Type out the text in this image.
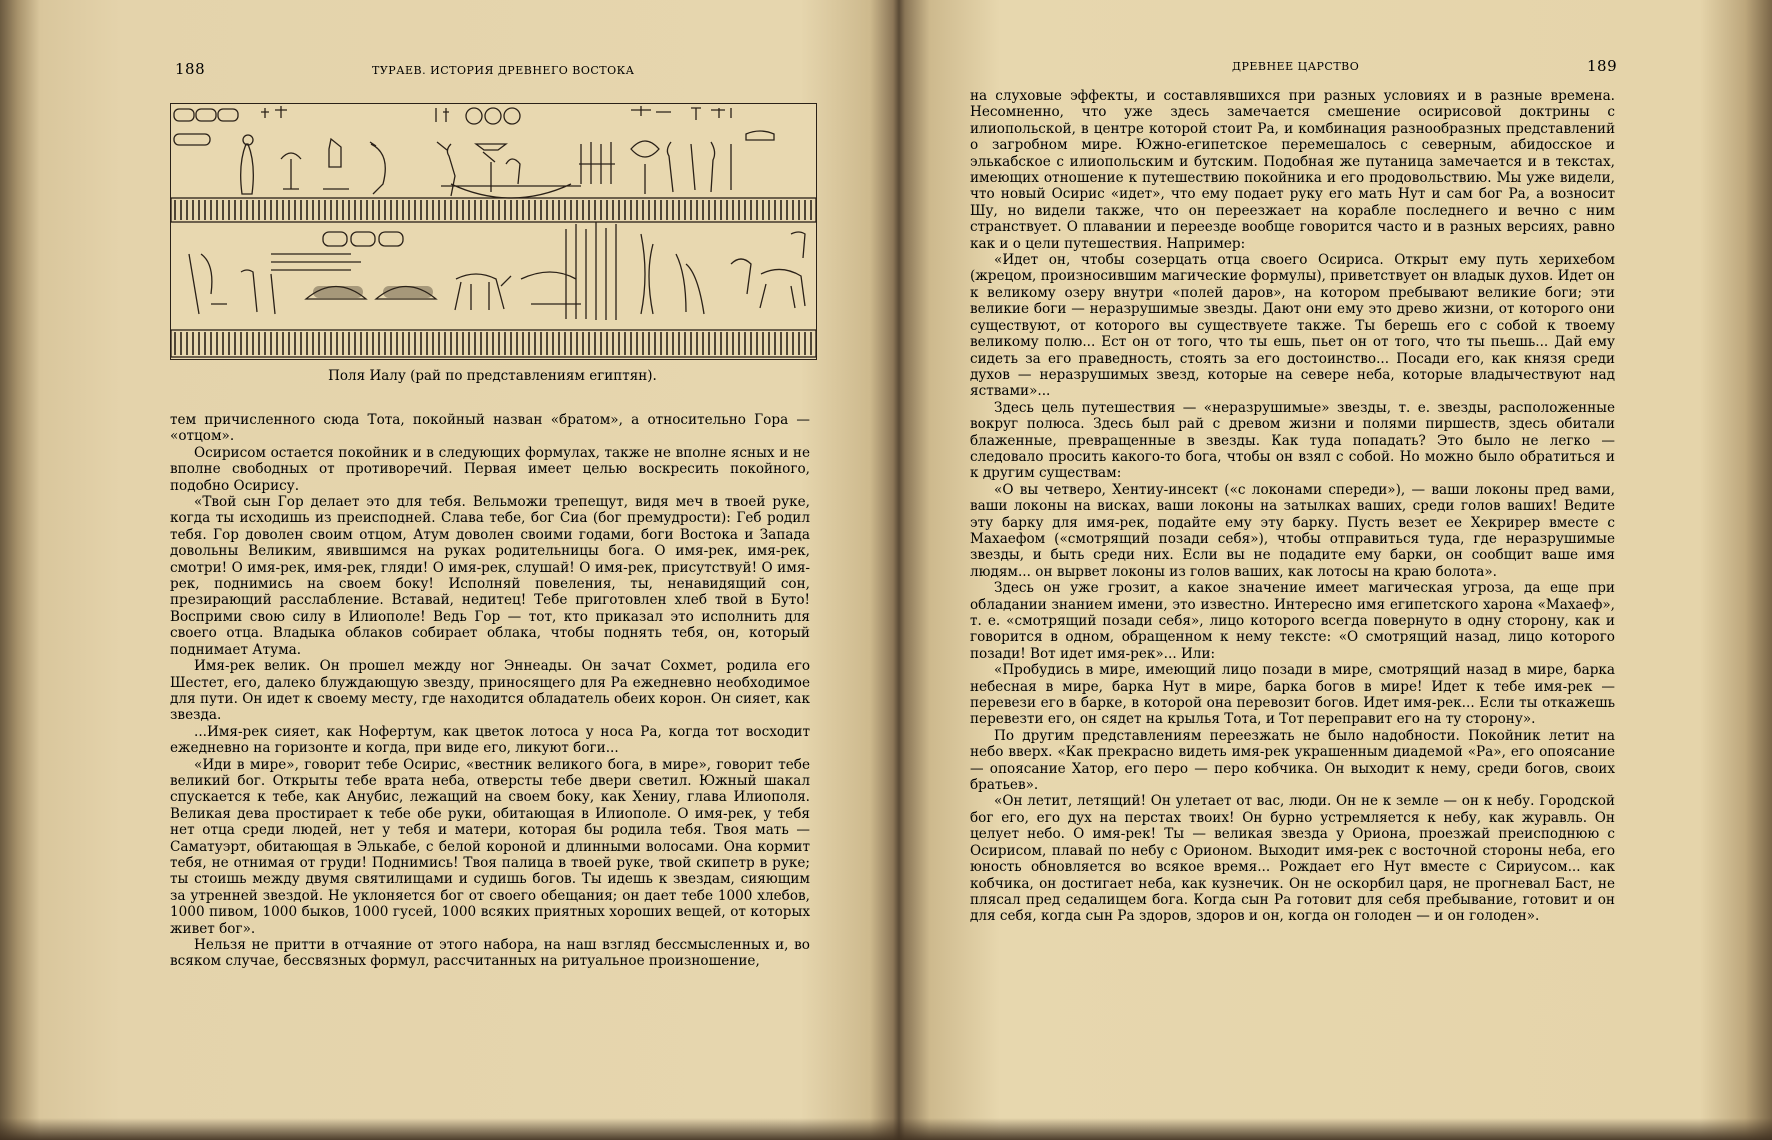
188	ТУРАЕВ. ИСТОРИЯ ДРЕВНЕГО ВОСТОКА
Поля Иалу (рай по представлениям египтян).

тем причисленного сюда Тота, покойный назван «братом», а относительно Гора — «отцом».

Осирисом остается покойник и в следующих формулах, также не вполне ясных и не вполне свободных от противоречий. Первая имеет целью воскресить покойного, подобно Осирису.

«Твой сын Гор делает это для тебя. Вельможи трепещут, видя меч в твоей руке, когда ты исходишь из преисподней. Слава тебе, бог Сиа (бог премудрости): Геб родил тебя. Гор доволен своим отцом, Атум доволен своими годами, боги Востока и Запада довольны Великим, явившимся на руках родительницы бога. О имя-рек, имя-рек, смотри! О имя-рек, имя-рек, гляди! О имя-рек, слушай! О имя-рек, присутствуй! О имя-рек, поднимись на своем боку! Исполняй повеления, ты, ненавидящий сон, презирающий расслабление. Вставай, недитец! Тебе приготовлен хлеб твой в Буто! Восприми свою силу в Илиополе! Ведь Гор — тот, кто приказал это исполнить для своего отца. Владыка облаков собирает облака, чтобы поднять тебя, он, который поднимает Атума.

Имя-рек велик. Он прошел между ног Эннеады. Он зачат Сохмет, родила его Шестет, его, далеко блуждающую звезду, приносящего для Ра ежедневно необходимое для пути. Он идет к своему месту, где находится обладатель обеих корон. Он сияет, как звезда.

...Имя-рек сияет, как Нофертум, как цветок лотоса у носа Ра, когда тот восходит ежедневно на горизонте и когда, при виде его, ликуют боги...

«Иди в мире», говорит тебе Осирис, «вестник великого бога, в мире», говорит тебе великий бог. Открыты тебе врата неба, отверсты тебе двери светил. Южный шакал спускается к тебе, как Анубис, лежащий на своем боку, как Хениу, глава Илиополя. Великая дева простирает к тебе обе руки, обитающая в Илиополе. О имя-рек, у тебя нет отца среди людей, нет у тебя и матери, которая бы родила тебя. Твоя мать — Саматуэрт, обитающая в Элькабе, с белой короной и длинными волосами. Она кормит тебя, не отнимая от груди! Поднимись! Твоя палица в твоей руке, твой скипетр в руке; ты стоишь между двумя святилищами и судишь богов. Ты идешь к звездам, сияющим за утренней звездой. Не уклоняется бог от своего обещания; он дает тебе 1000 хлебов, 1000 пивом, 1000 быков, 1000 гусей, 1000 всяких приятных хороших вещей, от которых живет бог».

Нельзя не притти в отчаяние от этого набора, на наш взгляд бессмысленных и, во всяком случае, бессвязных формул, рассчитанных на ритуальное произношение,

ДРЕВНЕЕ ЦАРСТВО	189

на слуховые эффекты, и составлявшихся при разных условиях и в разные времена. Несомненно, что уже здесь замечается смешение осирисовой доктрины с илиопольской, в центре которой стоит Ра, и комбинация разнообразных представлений о загробном мире. Южно-египетское перемешалось с северным, абидосское и элькабское с илиопольским и бутским. Подобная же путаница замечается и в текстах, имеющих отношение к путешествию покойника и его продовольствию. Мы уже видели, что новый Осирис «идет», что ему подает руку его мать Нут и сам бог Ра, а возносит Шу, но видели также, что он переезжает на корабле последнего и вечно с ним странствует. О плавании и переезде вообще говорится часто и в разных версиях, равно как и о цели путешествия. Например:

«Идет он, чтобы созерцать отца своего Осириса. Открыт ему путь херихебом (жрецом, произносившим магические формулы), приветствует он владык духов. Идет он к великому озеру внутри «полей даров», на котором пребывают великие боги; эти великие боги — неразрушимые звезды. Дают они ему это древо жизни, от которого они существуют, от которого вы существуете также. Ты берешь его с собой к твоему великому полю... Ест он от того, что ты ешь, пьет он от того, что ты пьешь... Дай ему сидеть за его праведность, стоять за его достоинство... Посади его, как князя среди духов — неразрушимых звезд, которые на севере неба, которые владычествуют над яствами»...

Здесь цель путешествия — «неразрушимые» звезды, т. е. звезды, расположенные вокруг полюса. Здесь был рай с древом жизни и полями пиршеств, здесь обитали блаженные, превращенные в звезды. Как туда попадать? Это было не легко — следовало просить какого-то бога, чтобы он взял с собой. Но можно было обратиться и к другим существам:

«О вы четверо, Хентиу-инсект («с локонами спереди»), — ваши локоны пред вами, ваши локоны на висках, ваши локоны на затылках ваших, среди голов ваших! Ведите эту барку для имя-рек, подайте ему эту барку. Пусть везет ее Хекрирер вместе с Махаефом («смотрящий позади себя»), чтобы отправиться туда, где неразрушимые звезды, и быть среди них. Если вы не подадите ему барки, он сообщит ваше имя людям... он вырвет локоны из голов ваших, как лотосы на краю болота».

Здесь он уже грозит, а какое значение имеет магическая угроза, да еще при обладании знанием имени, это известно. Интересно имя египетского харона «Махаеф», т. е. «смотрящий позади себя», лицо которого всегда повернуто в одну сторону, как и говорится в одном, обращенном к нему тексте: «О смотрящий назад, лицо которого позади! Вот идет имя-рек»... Или:

«Пробудись в мире, имеющий лицо позади в мире, смотрящий назад в мире, барка небесная в мире, барка Нут в мире, барка богов в мире! Идет к тебе имя-рек — перевези его в барке, в которой она перевозит богов. Идет имя-рек... Если ты откажешь перевезти его, он сядет на крылья Тота, и Тот переправит его на ту сторону».

По другим представлениям переезжать не было надобности. Покойник летит на небо вверх. «Как прекрасно видеть имя-рек украшенным диадемой «Ра», его опоясание — опоясание Хатор, его перо — перо кобчика. Он выходит к нему, среди богов, своих братьев».

«Он летит, летящий! Он улетает от вас, люди. Он не к земле — он к небу. Городской бог его, его дух на перстах твоих! Он бурно устремляется к небу, как журавль. Он целует небо. О имя-рек! Ты — великая звезда у Ориона, проезжай преисподнюю с Осирисом, плавай по небу с Орионом. Выходит имя-рек с восточной стороны неба, его юность обновляется во всякое время... Рождает его Нут вместе с Сириусом... как кобчика, он достигает неба, как кузнечик. Он не оскорбил царя, не прогневал Баст, не плясал пред седалищем бога. Когда сын Ра готовит для себя пребывание, готовит и он для себя, когда сын Ра здоров, здоров и он, когда он голоден — и он голоден».
